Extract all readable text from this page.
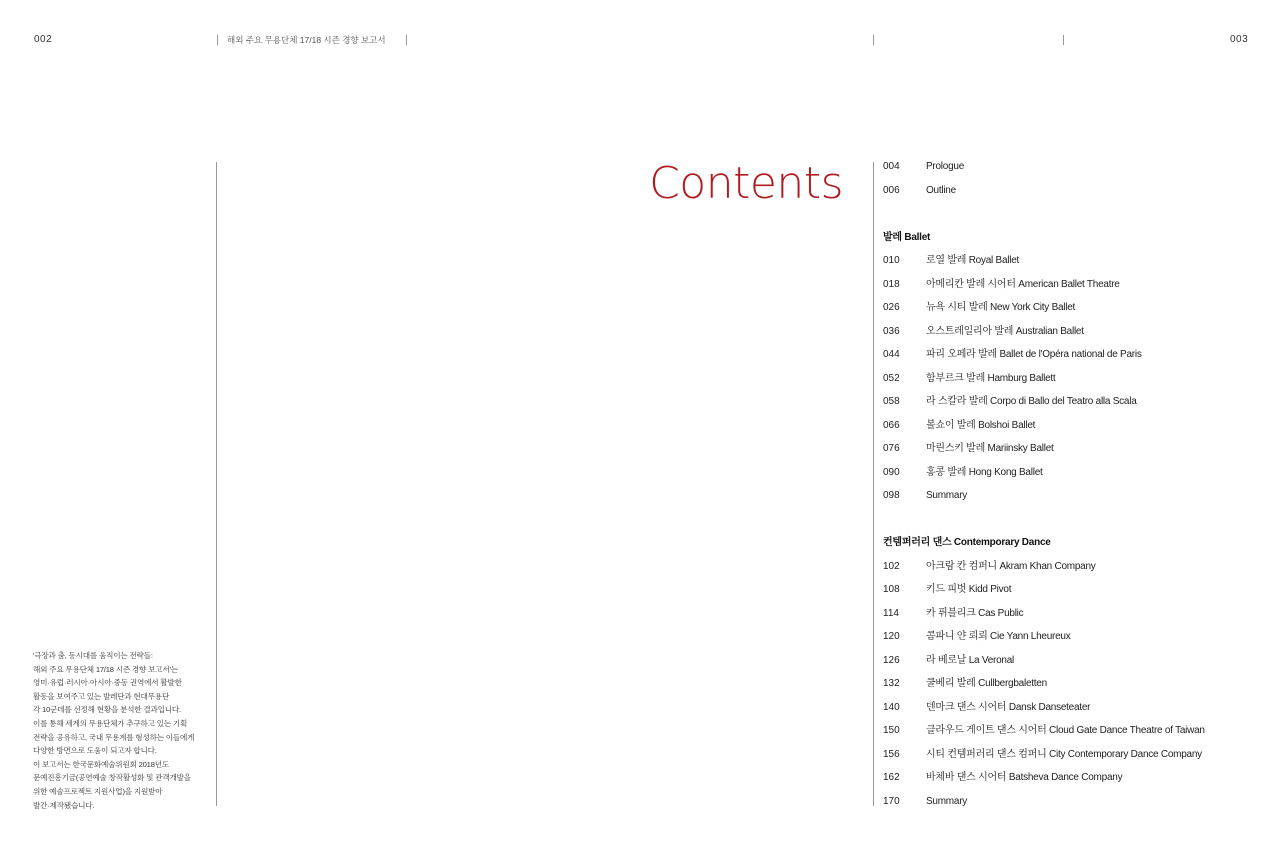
002	003
해외 주요 무용단체 17/18 시즌 경향 보고서
Contents
'극장과 춤, 동시대를 움직이는 전략들:
해외 주요 무용단체 17/18 시즌 경향 보고서'는
영미·유럽·러시아·아시아·중동 권역에서 활발한
활동을 보여주고 있는 발레단과 현대무용단
각 10군데를 선정해 현황을 분석한 결과입니다.
이를 통해 세계의 무용단체가 추구하고 있는 기획
전략을 공유하고, 국내 무용계를 형성하는 이들에게
다양한 방면으로 도움이 되고자 합니다.
이 보고서는 한국문화예술위원회 2018년도
문예진흥기금(공연예술 창작활성화 및 관객개발을
위한 예술프로젝트 지원사업)을 지원받아
발간·제작됐습니다.
004	Prologue
006	Outline
발레 Ballet
010	로열 발레 Royal Ballet
018	아메리칸 발레 시어터 American Ballet Theatre
026	뉴욕 시티 발레 New York City Ballet
036	오스트레일리아 발레 Australian Ballet
044	파리 오페라 발레 Ballet de l'Opéra national de Paris
052	함부르크 발레 Hamburg Ballett
058	라 스칼라 발레 Corpo di Ballo del Teatro alla Scala
066	볼쇼이 발레 Bolshoi Ballet
076	마린스키 발레 Mariinsky Ballet
090	홍콩 발레 Hong Kong Ballet
098	Summary
컨템퍼러리 댄스 Contemporary Dance
102	아크람 칸 컴퍼니 Akram Khan Company
108	키드 피벗 Kidd Pivot
114	카 퓌블리크 Cas Public
120	콤파니 얀 뢰뢰 Cie Yann Lheureux
126	라 베로날 La Veronal
132	쿨베리 발레 Cullbergbaletten
140	덴마크 댄스 시어터 Dansk Danseteater
150	클라우드 게이트 댄스 시어터 Cloud Gate Dance Theatre of Taiwan
156	시티 컨템퍼러리 댄스 컴퍼니 City Contemporary Dance Company
162	바체바 댄스 시어터 Batsheva Dance Company
170	Summary
